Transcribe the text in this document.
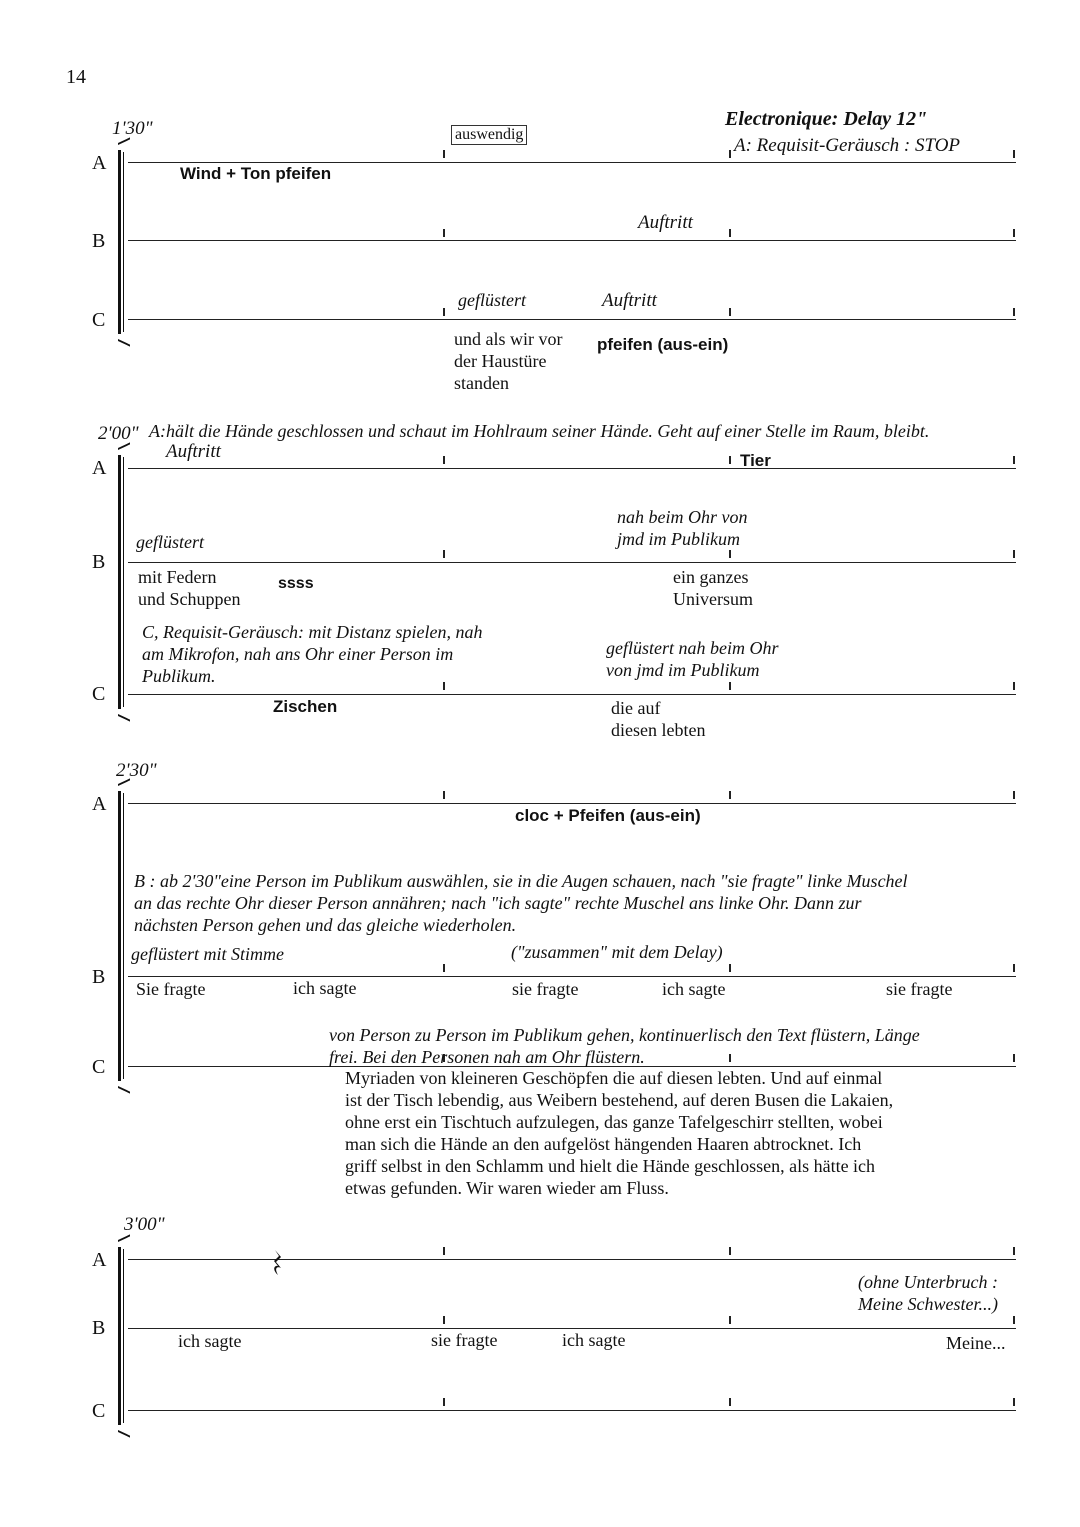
14
1'30"
A
B
C
auswendig
Electronique: Delay 12"
A: Requisit-Geräusch : STOP
Wind + Ton pfeifen
Auftritt
geflüstert	Auftritt
und als wir vor
der Haustüre
standen
pfeifen (aus-ein)
2'00" A:hält die Hände geschlossen und schaut im Hohlraum seiner Hände. Geht auf einer Stelle im Raum, bleibt.
A
B
C
Auftritt	Tier
nah beim Ohr von
jmd im Publikum
geflüstert
mit Federn
und Schuppen
ssss	ein ganzes
Universum
C, Requisit-Geräusch: mit Distanz spielen, nah
am Mikrofon, nah ans Ohr einer Person im
Publikum.
geflüstert nah beim Ohr
von jmd im Publikum
Zischen	die auf
diesen lebten
2'30"
A
B
C
cloc + Pfeifen (aus-ein)
B : ab 2'30"eine Person im Publikum auswählen, sie in die Augen schauen, nach "sie fragte" linke Muschel
an das rechte Ohr dieser Person annähren; nach "ich sagte" rechte Muschel ans linke Ohr. Dann zur
nächsten Person gehen und das gleiche wiederholen.
geflüstert mit Stimme	("zusammen" mit dem Delay)
Sie fragte	ich sagte	sie fragte	ich sagte	sie fragte
von Person zu Person im Publikum gehen, kontinuerlisch den Text flüstern, Länge
frei. Bei den Personen nah am Ohr flüstern.
Myriaden von kleineren Geschöpfen die auf diesen lebten. Und auf einmal
ist der Tisch lebendig, aus Weibern bestehend, auf deren Busen die Lakaien,
ohne erst ein Tischtuch aufzulegen, das ganze Tafelgeschirr stellten, wobei
man sich die Hände an den aufgelöst hängenden Haaren abtrocknet. Ich
griff selbst in den Schlamm und hielt die Hände geschlossen, als hätte ich
etwas gefunden. Wir waren wieder am Fluss.
3'00"
A
B
C
(ohne Unterbruch :
Meine Schwester...)
ich sagte	sie fragte	ich sagte	Meine...
